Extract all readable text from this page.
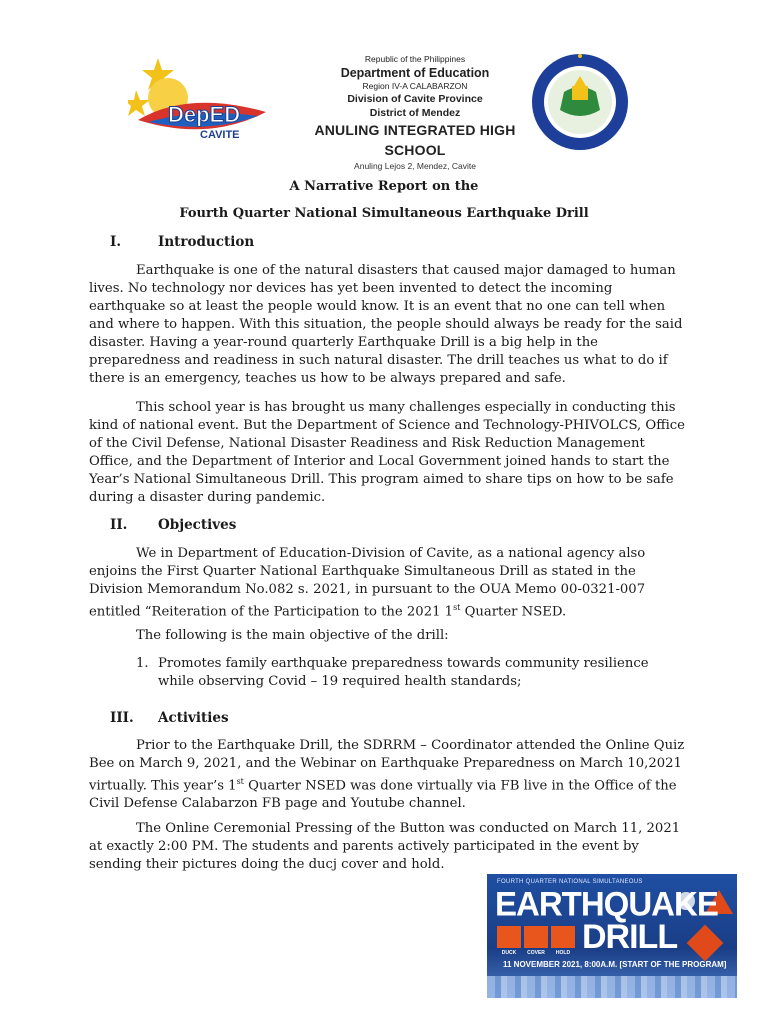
DepED
CAVITE
Republic of the Philippines
Department of Education
Region IV-A CALABARZON
Division of Cavite Province
District of Mendez
ANULING INTEGRATED HIGH SCHOOL
Anuling Lejos 2, Mendez, Cavite
A Narrative Report on the
Fourth Quarter National Simultaneous Earthquake Drill
I.	Introduction

Earthquake is one of the natural disasters that caused major damaged to human lives. No technology nor devices has yet been invented to detect the incoming earthquake so at least the people would know. It is an event that no one can tell when and where to happen. With this situation, the people should always be ready for the said disaster. Having a year-round quarterly Earthquake Drill is a big help in the preparedness and readiness in such natural disaster. The drill teaches us what to do if there is an emergency, teaches us how to be always prepared and safe.

This school year is has brought us many challenges especially in conducting this kind of national event. But the Department of Science and Technology-PHIVOLCS, Office of the Civil Defense, National Disaster Readiness and Risk Reduction Management Office, and the Department of Interior and Local Government joined hands to start the Year’s National Simultaneous Drill. This program aimed to share tips on how to be safe during a disaster during pandemic.

II. Objectives

We in Department of Education-Division of Cavite, as a national agency also enjoins the First Quarter National Earthquake Simultaneous Drill as stated in the Division Memorandum No.082 s. 2021, in pursuant to the OUA Memo 00-0321-007 entitled “Reiteration of the Participation to the 2021 1st Quarter NSED.

The following is the main objective of the drill:
1. Promotes family earthquake preparedness towards community resilience while observing Covid – 19 required health standards;
III. Activities

Prior to the Earthquake Drill, the SDRRM – Coordinator attended the Online Quiz Bee on March 9, 2021, and the Webinar on Earthquake Preparedness on March 10,2021 virtually. This year’s 1st Quarter NSED was done virtually via FB live in the Office of the Civil Defense Calabarzon FB page and Youtube channel.

The Online Ceremonial Pressing of the Button was conducted on March 11, 2021 at exactly 2:00 PM. The students and parents actively participated in the event by sending their pictures doing the ducj cover and hold.

FOURTH QUARTER NATIONAL SIMULTANEOUS
EARTHQUAKE
DUCK	COVER	HOLD DRILL
11 NOVEMBER 2021, 8:00A.M. [START OF THE PROGRAM]
